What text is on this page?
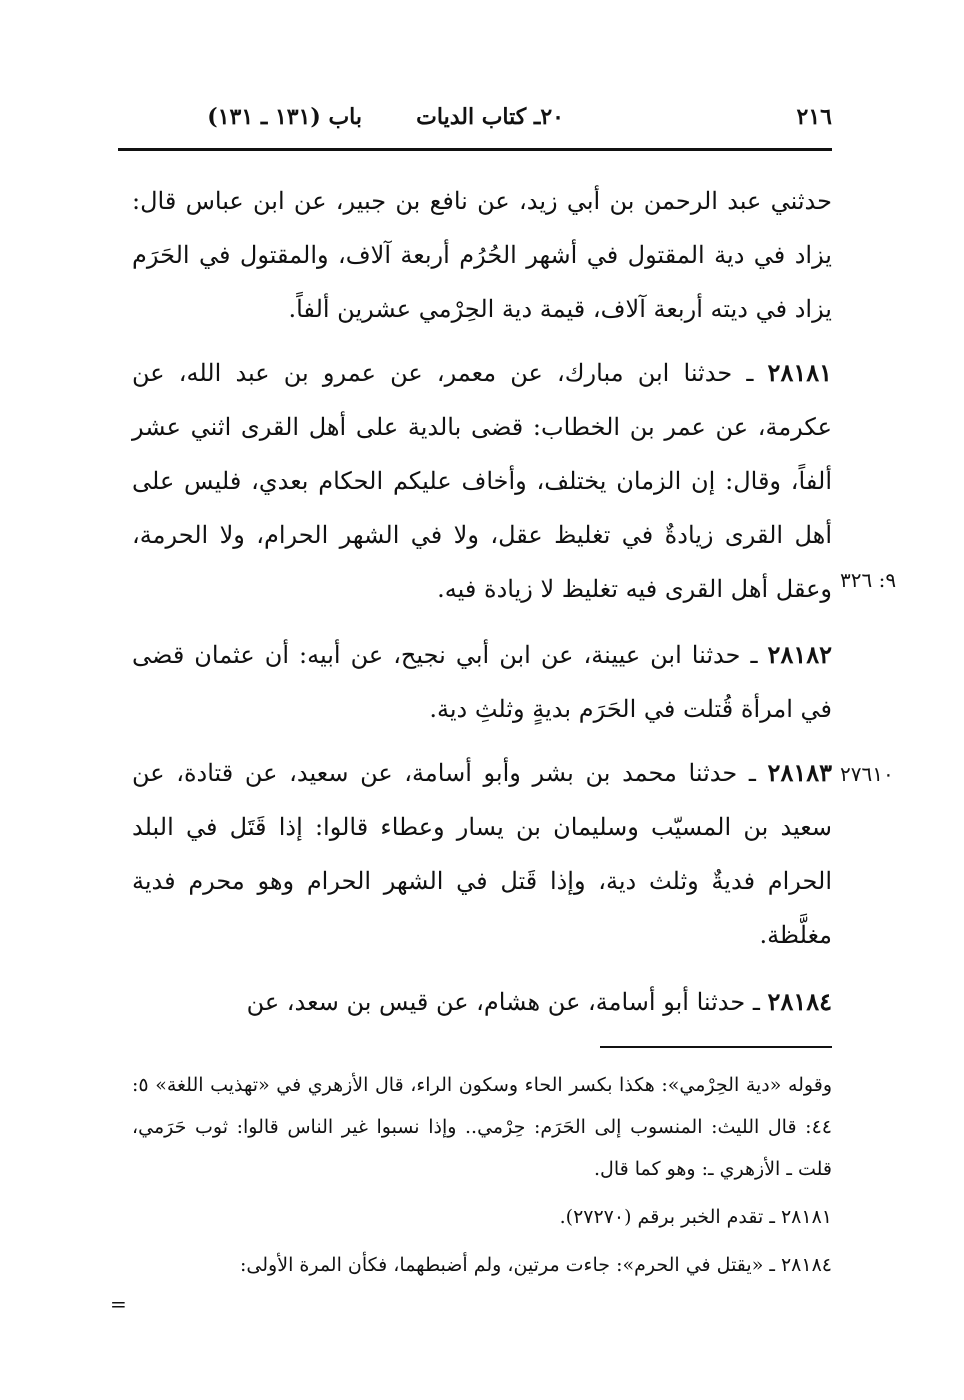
٢١٦
٢٠ـ كتاب الديات
باب (١٣١ ـ ١٣١)

حدثني عبد الرحمن بن أبي زيد، عن نافع بن جبير، عن ابن عباس قال: يزاد في دية المقتول في أشهر الحُرُم أربعة آلاف، والمقتول في الحَرَم يزاد في ديته أربعة آلاف، قيمة دية الحِرْمي عشرين ألفاً.

٢٨١٨١ ـ حدثنا ابن مبارك، عن معمر، عن عمرو بن عبد الله، عن عكرمة، عن عمر بن الخطاب: قضى بالدية على أهل القرى اثني عشر ألفاً، وقال: إن الزمان يختلف، وأخاف عليكم الحكام بعدي، فليس على أهل القرى زيادةٌ في تغليظ عقل، ولا في الشهر الحرام، ولا الحرمة، وعقل أهل القرى فيه تغليظ لا زيادة فيه.

٢٨١٨٢ ـ حدثنا ابن عيينة، عن ابن أبي نجيح، عن أبيه: أن عثمان قضى في امرأة قُتلت في الحَرَم بديةٍ وثلثِ دية.

٢٨١٨٣ ـ حدثنا محمد بن بشر وأبو أسامة، عن سعيد، عن قتادة، عن سعيد بن المسيّب وسليمان بن يسار وعطاء قالوا: إذا قَتَل في البلد الحرام فديةٌ وثلث دية، وإذا قَتل في الشهر الحرام وهو محرم فدية مغلَّظة.

٢٨١٨٤ ـ حدثنا أبو أسامة، عن هشام، عن قيس بن سعد، عن

٩: ٣٢٦
٢٧٦١٠

وقوله «دية الحِرْمي»: هكذا بكسر الحاء وسكون الراء، قال الأزهري في «تهذيب اللغة» ٥: ٤٤: قال الليث: المنسوب إلى الحَرَم: حِرْمي.. وإذا نسبوا غير الناس قالوا: ثوب حَرَمي، قلت ـ الأزهري ـ: وهو كما قال.

٢٨١٨١ ـ تقدم الخبر برقم (٢٧٢٧٠).

٢٨١٨٤ ـ «يقتل في الحرم»: جاءت مرتين، ولم أضبطهما، فكأن المرة الأولى:

=
